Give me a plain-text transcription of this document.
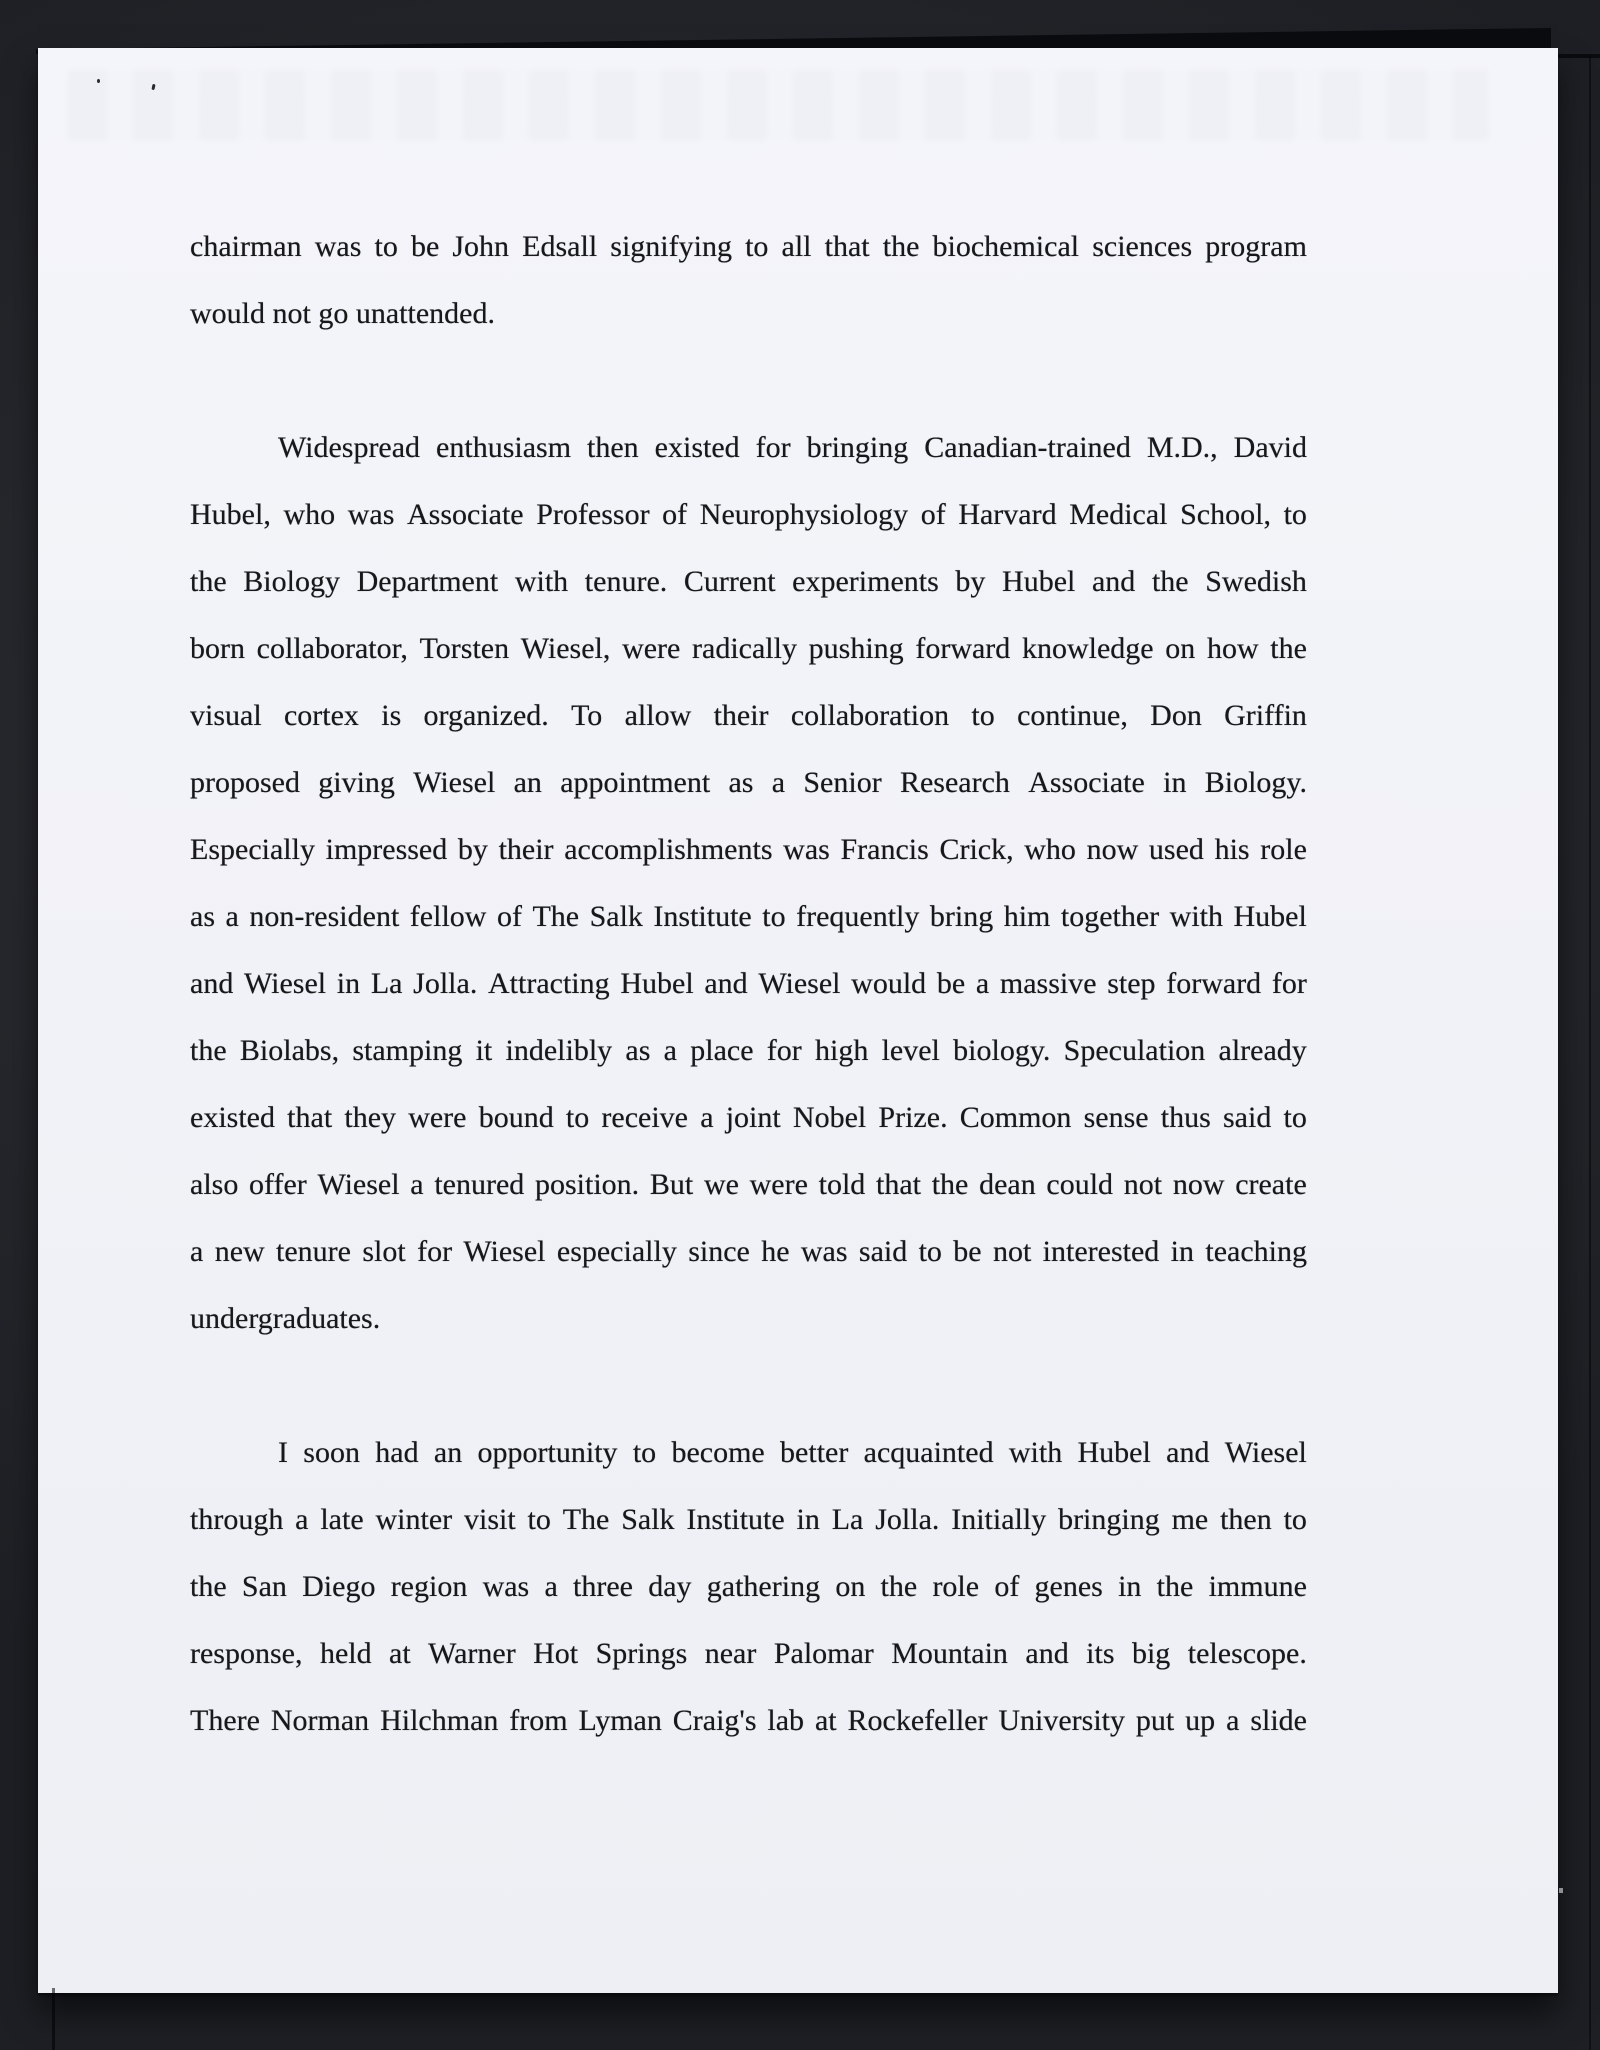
chairman was to be John Edsall signifying to all that the biochemical sciences program
would not go unattended.
Widespread enthusiasm then existed for bringing Canadian-trained M.D., David
Hubel, who was Associate Professor of Neurophysiology of Harvard Medical School, to
the Biology Department with tenure. Current experiments by Hubel and the Swedish
born collaborator, Torsten Wiesel, were radically pushing forward knowledge on how the
visual cortex is organized. To allow their collaboration to continue, Don Griffin
proposed giving Wiesel an appointment as a Senior Research Associate in Biology.
Especially impressed by their accomplishments was Francis Crick, who now used his role
as a non-resident fellow of The Salk Institute to frequently bring him together with Hubel
and Wiesel in La Jolla. Attracting Hubel and Wiesel would be a massive step forward for
the Biolabs, stamping it indelibly as a place for high level biology. Speculation already
existed that they were bound to receive a joint Nobel Prize. Common sense thus said to
also offer Wiesel a tenured position. But we were told that the dean could not now create
a new tenure slot for Wiesel especially since he was said to be not interested in teaching
undergraduates.
I soon had an opportunity to become better acquainted with Hubel and Wiesel
through a late winter visit to The Salk Institute in La Jolla. Initially bringing me then to
the San Diego region was a three day gathering on the role of genes in the immune
response, held at Warner Hot Springs near Palomar Mountain and its big telescope.
There Norman Hilchman from Lyman Craig's lab at Rockefeller University put up a slide
